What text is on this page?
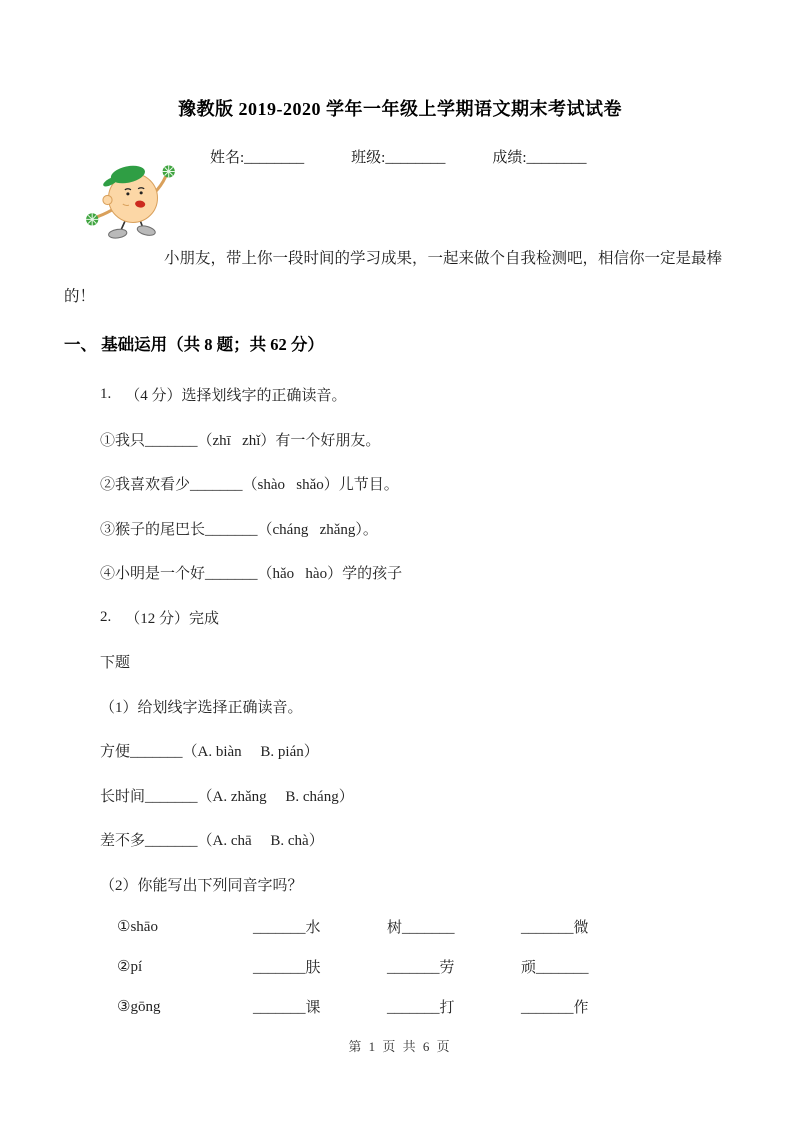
豫教版 2019-2020 学年一年级上学期语文期末考试试卷
姓名:________	班级:________	成绩:________

小朋友，带上你一段时间的学习成果，一起来做个自我检测吧，相信你一定是最棒

的！

一、 基础运用（共 8 题；共 62 分）
1. （4 分）选择划线字的正确读音。
①我只_______（zhī   zhǐ）有一个好朋友。
②我喜欢看少_______（shào   shǎo）儿节目。
③猴子的尾巴长_______（cháng   zhǎng）。
④小明是一个好_______（hǎo   hào）学的孩子
2. （12 分）完成
下题
（1）给划线字选择正确读音。
方便_______（A. biàn     B. pián）
长时间_______（A. zhǎng     B. cháng）
差不多_______（A. chā     B. chà）
（2）你能写出下列同音字吗？
①shāo	_______水	树_______	_______微
②pí	_______肤	_______劳	顽_______
③gōng	_______课	_______打	_______作
第 1 页 共 6 页
